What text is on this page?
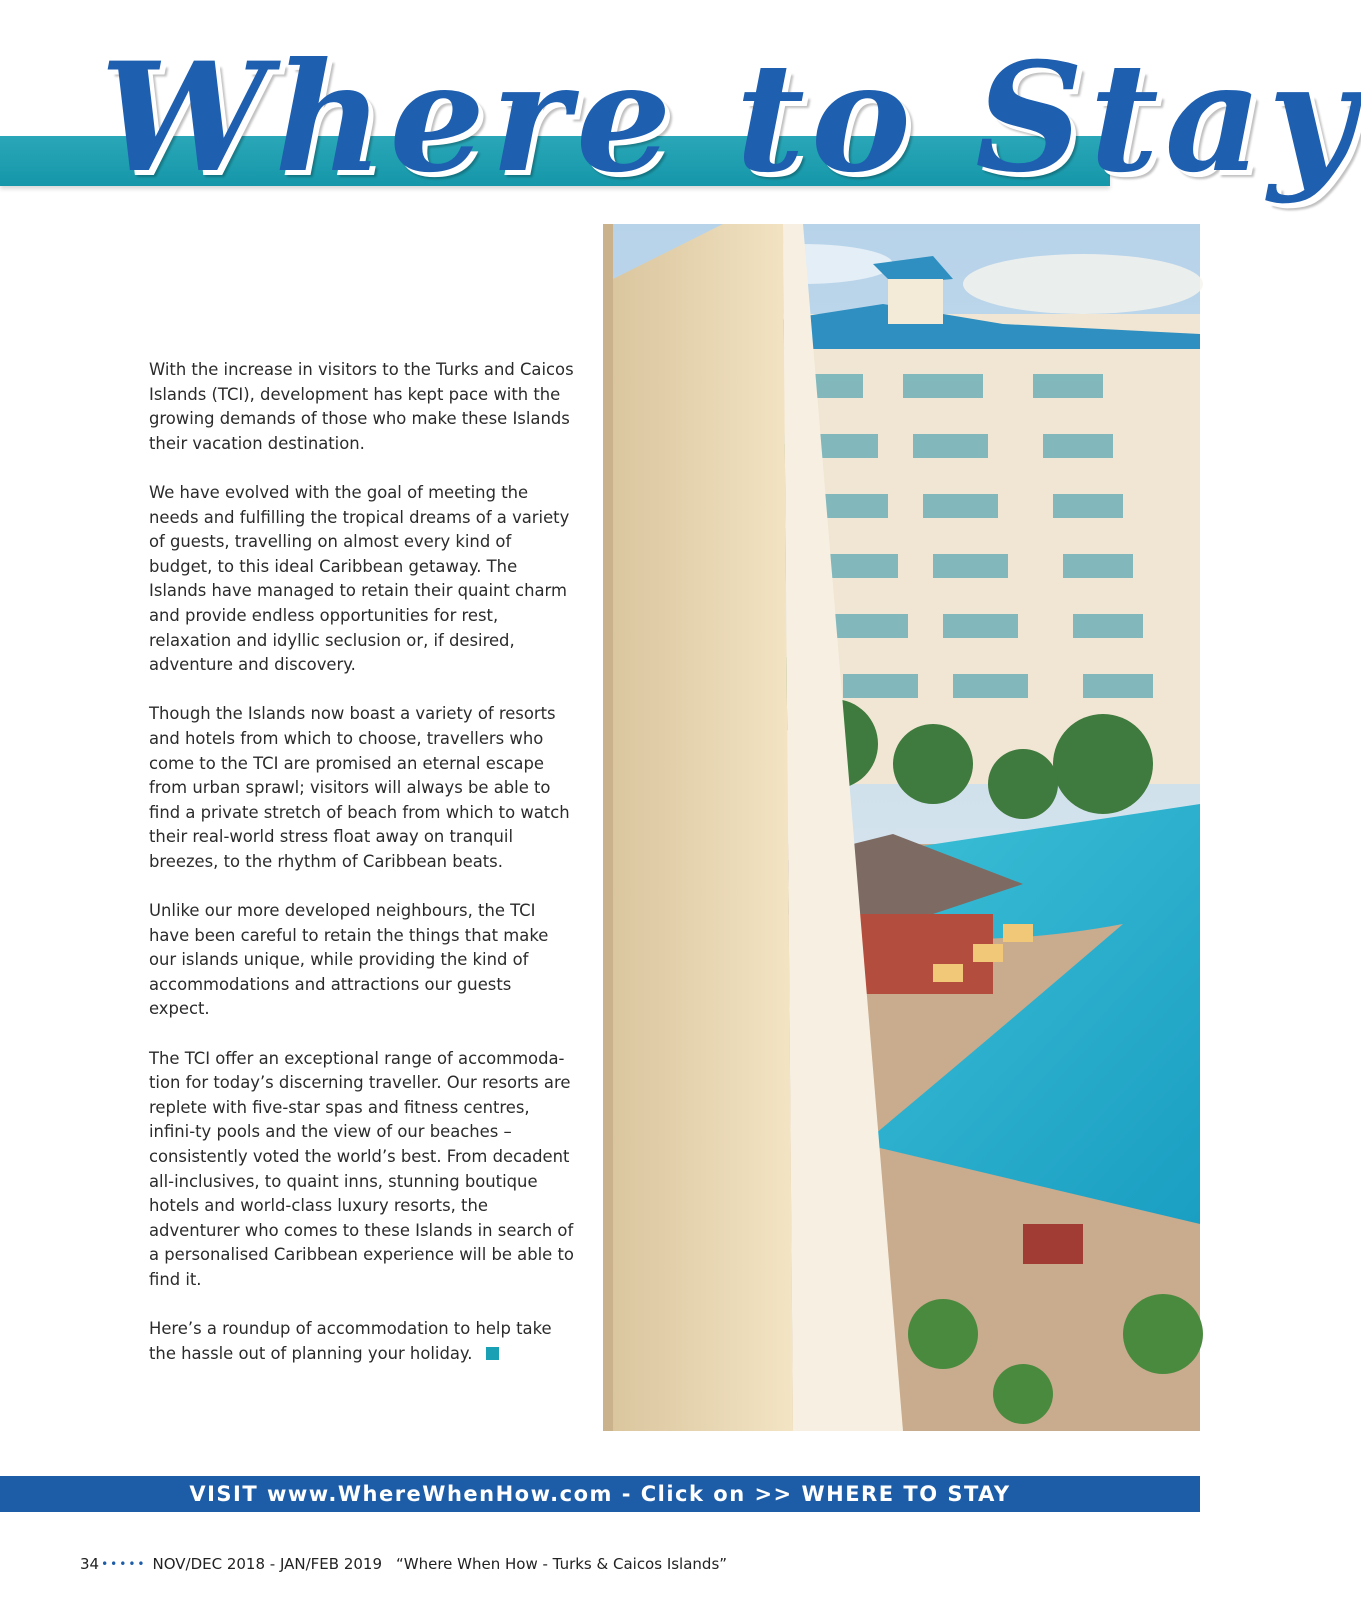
Where to Stay

With the increase in visitors to the Turks and Caicos Islands (TCI), development has kept pace with the growing demands of those who make these Islands their vacation destination.

We have evolved with the goal of meeting the needs and fulfilling the tropical dreams of a variety of guests, travelling on almost every kind of budget, to this ideal Caribbean getaway. The Islands have managed to retain their quaint charm and provide endless opportunities for rest, relaxation and idyllic seclusion or, if desired, adventure and discovery.

Though the Islands now boast a variety of resorts and hotels from which to choose, travellers who come to the TCI are promised an eternal escape from urban sprawl; visitors will always be able to find a private stretch of beach from which to watch their real-world stress float away on tranquil breezes, to the rhythm of Caribbean beats.

Unlike our more developed neighbours, the TCI have been careful to retain the things that make our islands unique, while providing the kind of accommodations and attractions our guests expect.

The TCI offer an exceptional range of accommoda-tion for today’s discerning traveller. Our resorts are replete with five-star spas and fitness centres, infini-ty pools and the view of our beaches – consistently voted the world’s best. From decadent all-inclusives, to quaint inns, stunning boutique hotels and world-class luxury resorts, the adventurer who comes to these Islands in search of a personalised Caribbean experience will be able to find it.

Here’s a roundup of accommodation to help take the hassle out of planning your holiday.

VISIT www.WhereWhenHow.com - Click on >> WHERE TO STAY
34 ••••• NOV/DEC 2018 - JAN/FEB 2019 “Where When How - Turks & Caicos Islands”
